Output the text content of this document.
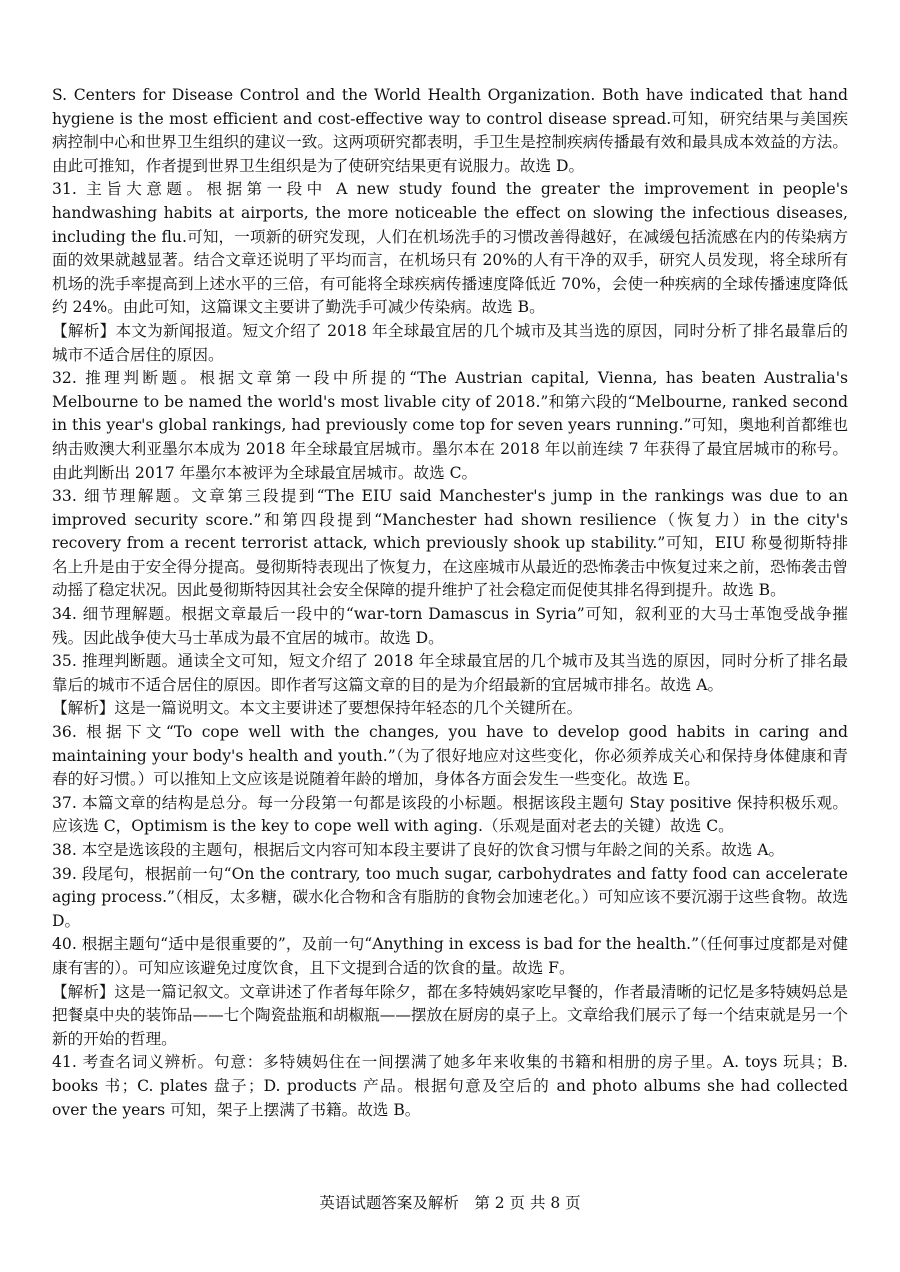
S. Centers for Disease Control and the World Health Organization. Both have indicated that hand hygiene is the most efficient and cost-effective way to control disease spread.可知，研究结果与美国疾病控制中心和世界卫生组织的建议一致。这两项研究都表明，手卫生是控制疾病传播最有效和最具成本效益的方法。由此可推知，作者提到世界卫生组织是为了使研究结果更有说服力。故选 D。

31. 主旨大意题。根据第一段中 A new study found the greater the improvement in people's handwashing habits at airports, the more noticeable the effect on slowing the infectious diseases, including the flu.可知，一项新的研究发现，人们在机场洗手的习惯改善得越好，在减缓包括流感在内的传染病方面的效果就越显著。结合文章还说明了平均而言，在机场只有 20%的人有干净的双手，研究人员发现，将全球所有机场的洗手率提高到上述水平的三倍，有可能将全球疾病传播速度降低近 70%，会使一种疾病的全球传播速度降低约 24%。由此可知，这篇课文主要讲了勤洗手可减少传染病。故选 B。

【解析】本文为新闻报道。短文介绍了 2018 年全球最宜居的几个城市及其当选的原因，同时分析了排名最靠后的城市不适合居住的原因。

32. 推理判断题。根据文章第一段中所提的“The Austrian capital, Vienna, has beaten Australia's Melbourne to be named the world's most livable city of 2018.”和第六段的“Melbourne, ranked second in this year's global rankings, had previously come top for seven years running.”可知，奥地利首都维也纳击败澳大利亚墨尔本成为 2018 年全球最宜居城市。墨尔本在 2018 年以前连续 7 年获得了最宜居城市的称号。由此判断出 2017 年墨尔本被评为全球最宜居城市。故选 C。

33. 细节理解题。文章第三段提到“The EIU said Manchester's jump in the rankings was due to an improved security score.”和第四段提到“Manchester had shown resilience（恢复力）in the city's recovery from a recent terrorist attack, which previously shook up stability.”可知，EIU 称曼彻斯特排名上升是由于安全得分提高。曼彻斯特表现出了恢复力，在这座城市从最近的恐怖袭击中恢复过来之前，恐怖袭击曾动摇了稳定状况。因此曼彻斯特因其社会安全保障的提升维护了社会稳定而促使其排名得到提升。故选 B。

34. 细节理解题。根据文章最后一段中的“war-torn Damascus in Syria”可知，叙利亚的大马士革饱受战争摧残。因此战争使大马士革成为最不宜居的城市。故选 D。

35. 推理判断题。通读全文可知，短文介绍了 2018 年全球最宜居的几个城市及其当选的原因，同时分析了排名最靠后的城市不适合居住的原因。即作者写这篇文章的目的是为介绍最新的宜居城市排名。故选 A。

【解析】这是一篇说明文。本文主要讲述了要想保持年轻态的几个关键所在。

36. 根据下文“To cope well with the changes, you have to develop good habits in caring and maintaining your body's health and youth.”（为了很好地应对这些变化，你必须养成关心和保持身体健康和青春的好习惯。）可以推知上文应该是说随着年龄的增加，身体各方面会发生一些变化。故选 E。

37. 本篇文章的结构是总分。每一分段第一句都是该段的小标题。根据该段主题句 Stay positive 保持积极乐观。应该选 C，Optimism is the key to cope well with aging.（乐观是面对老去的关键）故选 C。

38. 本空是选该段的主题句，根据后文内容可知本段主要讲了良好的饮食习惯与年龄之间的关系。故选 A。

39. 段尾句，根据前一句“On the contrary, too much sugar, carbohydrates and fatty food can accelerate aging process.”（相反，太多糖，碳水化合物和含有脂肪的食物会加速老化。）可知应该不要沉溺于这些食物。故选 D。

40. 根据主题句“适中是很重要的”，及前一句“Anything in excess is bad for the health.”（任何事过度都是对健康有害的）。可知应该避免过度饮食，且下文提到合适的饮食的量。故选 F。

【解析】这是一篇记叙文。文章讲述了作者每年除夕，都在多特姨妈家吃早餐的，作者最清晰的记忆是多特姨妈总是把餐桌中央的装饰品——七个陶瓷盐瓶和胡椒瓶——摆放在厨房的桌子上。文章给我们展示了每一个结束就是另一个新的开始的哲理。

41. 考查名词义辨析。句意：多特姨妈住在一间摆满了她多年来收集的书籍和相册的房子里。A. toys 玩具；B. books 书；C. plates 盘子；D. products 产品。根据句意及空后的 and photo albums she had collected over the years 可知，架子上摆满了书籍。故选 B。

英语试题答案及解析　第 2 页 共 8 页
